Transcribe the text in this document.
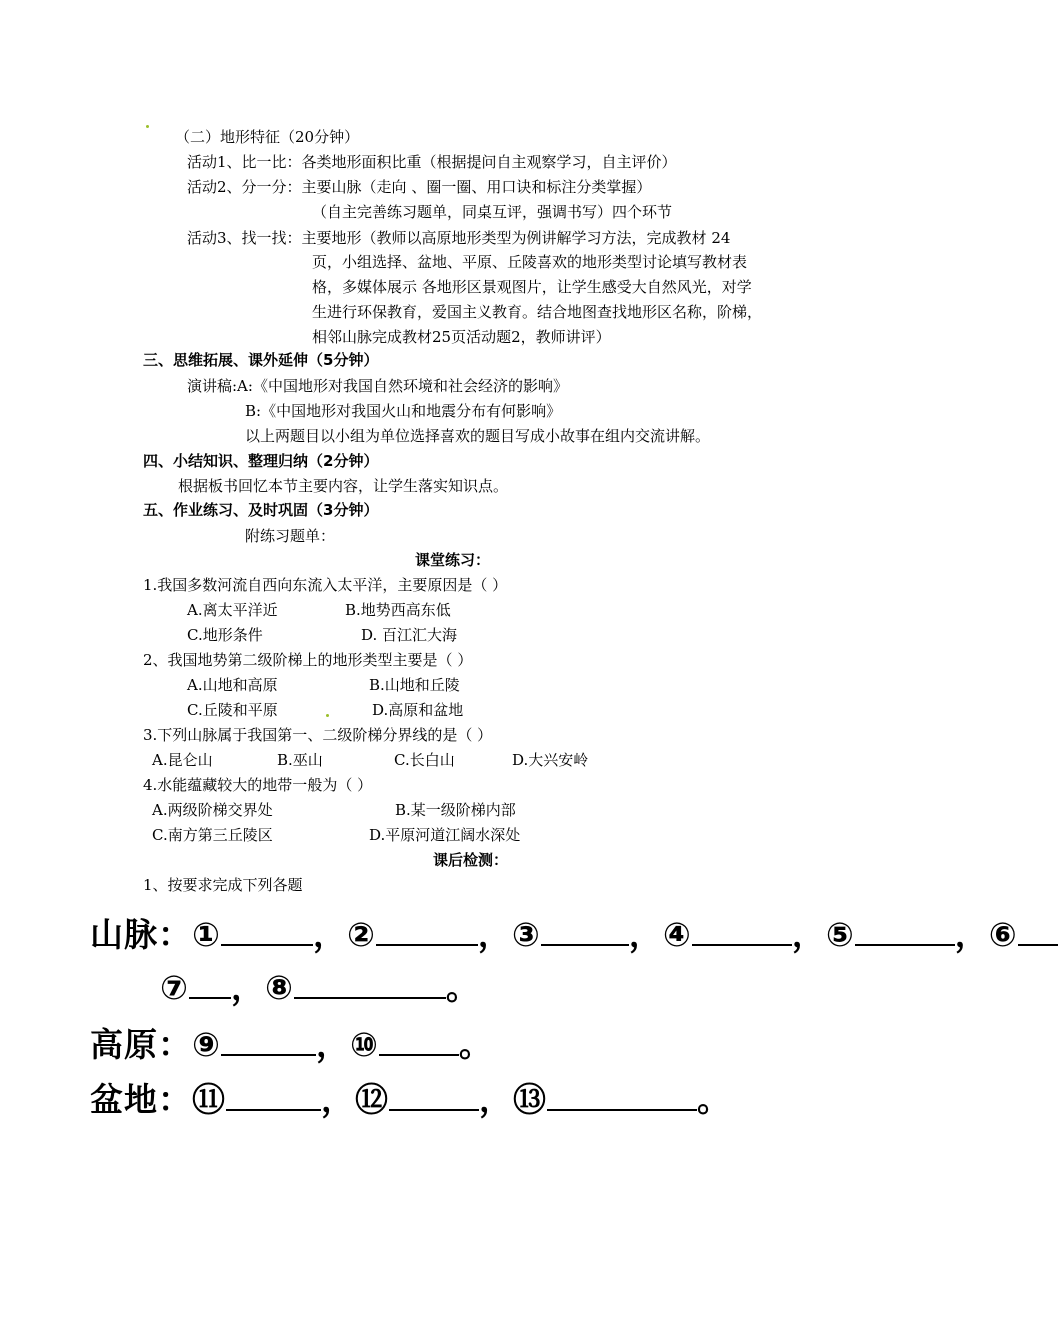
（二）地形特征（20分钟）
活动1、比一比：各类地形面积比重（根据提问自主观察学习，自主评价）
活动2、分一分：主要山脉（走向 、圈一圈、用口诀和标注分类掌握）
（自主完善练习题单，同桌互评，强调书写）四个环节
活动3、找一找：主要地形（教师以高原地形类型为例讲解学习方法，完成教材 24
页，小组选择、盆地、平原、丘陵喜欢的地形类型讨论填写教材表
格，多媒体展示 各地形区景观图片，让学生感受大自然风光，对学
生进行环保教育，爱国主义教育。结合地图查找地形区名称，阶梯，
相邻山脉完成教材25页活动题2，教师讲评）
三、思维拓展、课外延伸（5分钟）
演讲稿:A:《中国地形对我国自然环境和社会经济的影响》
B:《中国地形对我国火山和地震分布有何影响》
以上两题目以小组为单位选择喜欢的题目写成小故事在组内交流讲解。
四、小结知识、整理归纳（2分钟）
根据板书回忆本节主要内容，让学生落实知识点。
五、作业练习、及时巩固（3分钟）
附练习题单：
课堂练习：
1.我国多数河流自西向东流入太平洋，主要原因是（ ）
A.离太平洋近	B.地势西高东低
C.地形条件	D. 百江汇大海
2、我国地势第二级阶梯上的地形类型主要是（ ）
A.山地和高原	B.山地和丘陵
C.丘陵和平原	D.高原和盆地
3.下列山脉属于我国第一、二级阶梯分界线的是（ ）
A.昆仑山	B.巫山	C.长白山	D.大兴安岭
4.水能蕴藏较大的地带一般为（ ）
A.两级阶梯交界处	B.某一级阶梯内部
C.南方第三丘陵区	D.平原河道江阔水深处
课后检测：
1、按要求完成下列各题
山脉：①	，②	，③	，④	，⑤	，⑥
⑦ ，⑧	。
高原：⑨	，⑩ 。
盆地：⑪	，⑫	，⑬	。
